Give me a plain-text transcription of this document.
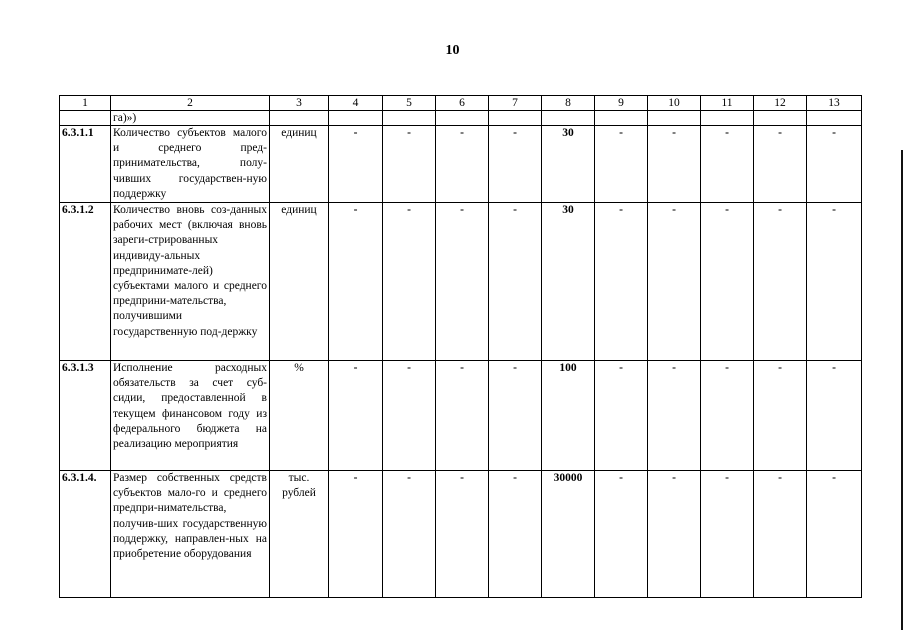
10
1	2	3	4	5	6	7	8	9	10	11	12	13
	га)»)											
6.3.1.1	Количество субъектов малого и среднего пред-принимательства, полу-чивших государствен-ную поддержку	единиц	-	-	-	-	30	-	-	-	-	-
6.3.1.2	Количество вновь соз-данных рабочих мест (включая вновь зареги-стрированных индивиду-альных предпринимате-лей) субъектами малого и среднего предприни-мательства, получившими государственную под-держку	единиц	-	-	-	-	30	-	-	-	-	-
6.3.1.3	Исполнение расходных обязательств за счет суб-сидии, предоставленной в текущем финансовом году из федерального бюджета на реализацию мероприятия	%	-	-	-	-	100	-	-	-	-	-
6.3.1.4.	Размер собственных средств субъектов мало-го и среднего предпри-нимательства, получив-ших государственную поддержку, направлен-ных на приобретение оборудования	тыс. рублей	-	-	-	-	30000	-	-	-	-	-
